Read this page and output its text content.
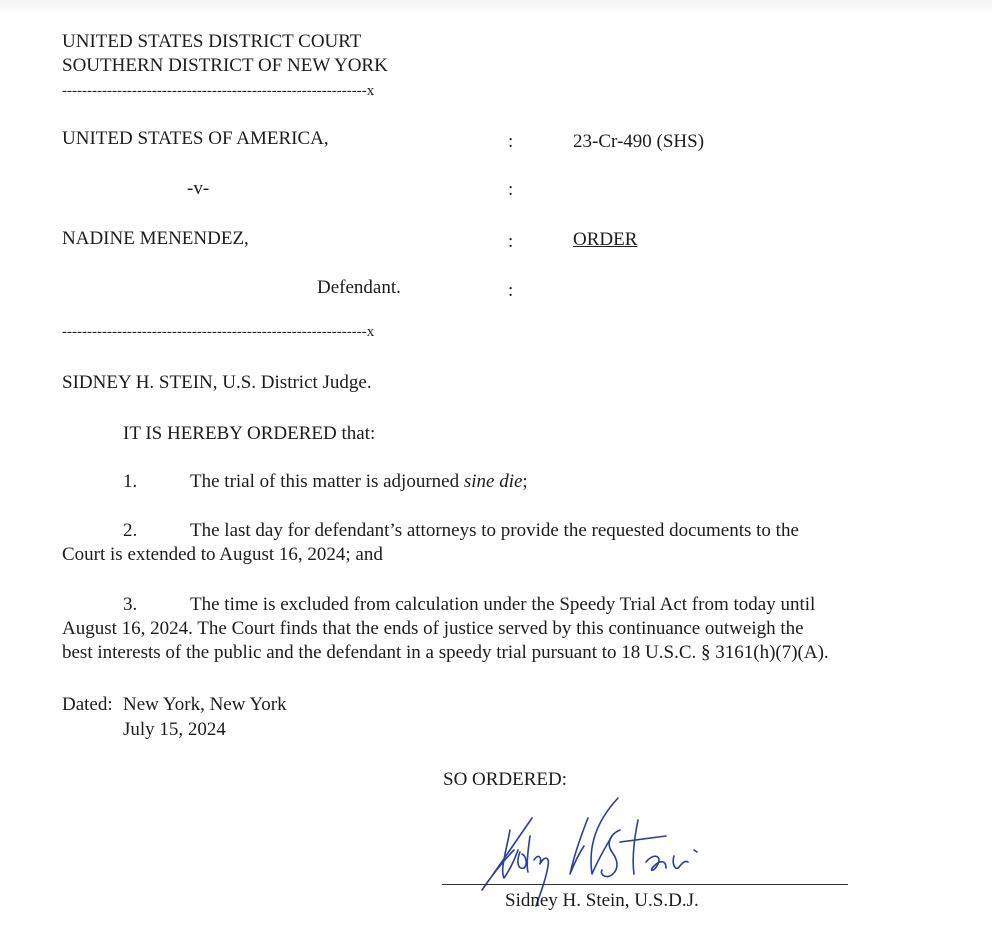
UNITED STATES DISTRICT COURT
SOUTHERN DISTRICT OF NEW YORK
-------------------------------------------------------------x
UNITED STATES OF AMERICA,	:	23-Cr-490 (SHS)
-v-	:
NADINE MENENDEZ,	:	ORDER
Defendant.	:
-------------------------------------------------------------x
SIDNEY H. STEIN, U.S. District Judge.
IT IS HEREBY ORDERED that:
1.	The trial of this matter is adjourned sine die;
2.	The last day for defendant’s attorneys to provide the requested documents to the
Court is extended to August 16, 2024; and
3.	The time is excluded from calculation under the Speedy Trial Act from today until
August 16, 2024. The Court finds that the ends of justice served by this continuance outweigh the
best interests of the public and the defendant in a speedy trial pursuant to 18 U.S.C. § 3161(h)(7)(A).
Dated: New York, New York
July 15, 2024
SO ORDERED:
Sidney H. Stein, U.S.D.J.
